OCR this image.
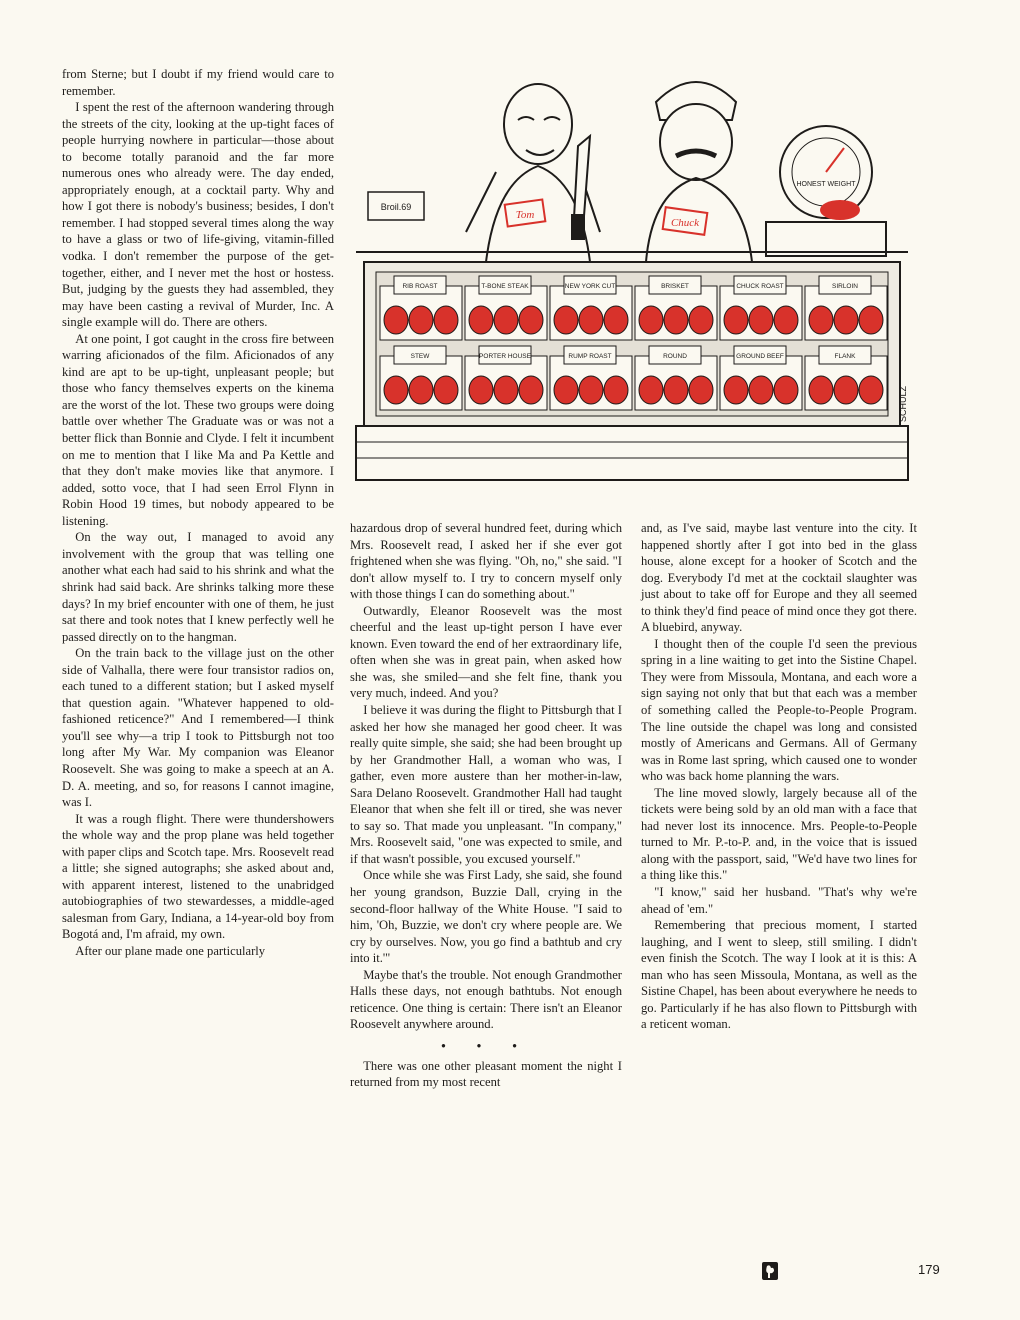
from Sterne; but I doubt if my friend would care to remember.

I spent the rest of the afternoon wandering through the streets of the city, looking at the up-tight faces of people hurrying nowhere in particular—those about to become totally paranoid and the far more numerous ones who already were. The day ended, appropriately enough, at a cocktail party. Why and how I got there is nobody's business; besides, I don't remember. I had stopped several times along the way to have a glass or two of life-giving, vitamin-filled vodka. I don't remember the purpose of the get-together, either, and I never met the host or hostess. But, judging by the guests they had assembled, they may have been casting a revival of Murder, Inc. A single example will do. There are others.

At one point, I got caught in the cross fire between warring aficionados of the film. Aficionados of any kind are apt to be up-tight, unpleasant people; but those who fancy themselves experts on the kinema are the worst of the lot. These two groups were doing battle over whether The Graduate was or was not a better flick than Bonnie and Clyde. I felt it incumbent on me to mention that I like Ma and Pa Kettle and that they don't make movies like that anymore. I added, sotto voce, that I had seen Errol Flynn in Robin Hood 19 times, but nobody appeared to be listening.

On the way out, I managed to avoid any involvement with the group that was telling one another what each had said to his shrink and what the shrink had said back. Are shrinks talking more these days? In my brief encounter with one of them, he just sat there and took notes that I knew perfectly well he passed directly on to the hangman.

On the train back to the village just on the other side of Valhalla, there were four transistor radios on, each tuned to a different station; but I asked myself that question again. "Whatever happened to old-fashioned reticence?" And I remembered—I think you'll see why—a trip I took to Pittsburgh not too long after My War. My companion was Eleanor Roosevelt. She was going to make a speech at an A. D. A. meeting, and so, for reasons I cannot imagine, was I.

It was a rough flight. There were thundershowers the whole way and the prop plane was held together with paper clips and Scotch tape. Mrs. Roosevelt read a little; she signed autographs; she asked about and, with apparent interest, listened to the unabridged autobiographies of two stewardesses, a middle-aged salesman from Gary, Indiana, a 14-year-old boy from Bogotá and, I'm afraid, my own.

After our plane made one particularly

hazardous drop of several hundred feet, during which Mrs. Roosevelt read, I asked her if she ever got frightened when she was flying. "Oh, no," she said. "I don't allow myself to. I try to concern myself only with those things I can do something about."

Outwardly, Eleanor Roosevelt was the most cheerful and the least up-tight person I have ever known. Even toward the end of her extraordinary life, often when she was in great pain, when asked how she was, she smiled—and she felt fine, thank you very much, indeed. And you?

I believe it was during the flight to Pittsburgh that I asked her how she managed her good cheer. It was really quite simple, she said; she had been brought up by her Grandmother Hall, a woman who was, I gather, even more austere than her mother-in-law, Sara Delano Roosevelt. Grandmother Hall had taught Eleanor that when she felt ill or tired, she was never to say so. That made you unpleasant. "In company," Mrs. Roosevelt said, "one was expected to smile, and if that wasn't possible, you excused yourself."

Once while she was First Lady, she said, she found her young grandson, Buzzie Dall, crying in the second-floor hallway of the White House. "I said to him, 'Oh, Buzzie, we don't cry where people are. We cry by ourselves. Now, you go find a bathtub and cry into it.'"

Maybe that's the trouble. Not enough Grandmother Halls these days, not enough bathtubs. Not enough reticence. One thing is certain: There isn't an Eleanor Roosevelt anywhere around.

• • •

There was one other pleasant moment the night I returned from my most recent

and, as I've said, maybe last venture into the city. It happened shortly after I got into bed in the glass house, alone except for a hooker of Scotch and the dog. Everybody I'd met at the cocktail slaughter was just about to take off for Europe and they all seemed to think they'd find peace of mind once they got there. A bluebird, anyway.

I thought then of the couple I'd seen the previous spring in a line waiting to get into the Sistine Chapel. They were from Missoula, Montana, and each wore a sign saying not only that but that each was a member of something called the People-to-People Program. The line outside the chapel was long and consisted mostly of Americans and Germans. All of Germany was in Rome last spring, which caused one to wonder who was back home planning the wars.

The line moved slowly, largely because all of the tickets were being sold by an old man with a face that had never lost its innocence. Mrs. People-to-People turned to Mr. P.-to-P. and, in the voice that is issued along with the passport, said, "We'd have two lines for a thing like this."

"I know," said her husband. "That's why we're ahead of 'em."

Remembering that precious moment, I started laughing, and I went to sleep, still smiling. I didn't even finish the Scotch. The way I look at it is this: A man who has seen Missoula, Montana, as well as the Sistine Chapel, has been about everywhere he needs to go. Particularly if he has also flown to Pittsburgh with a reticent woman.

Tom
Chuck
Broil.69
HONEST WEIGHT
RIB ROAST	T-BONE STEAK	NEW YORK CUT	BRISKET	CHUCK ROAST	SIRLOIN
STEW	PORTER HOUSE	RUMP ROAST	ROUND	GROUND BEEF	FLANK
SCHULZ
179
